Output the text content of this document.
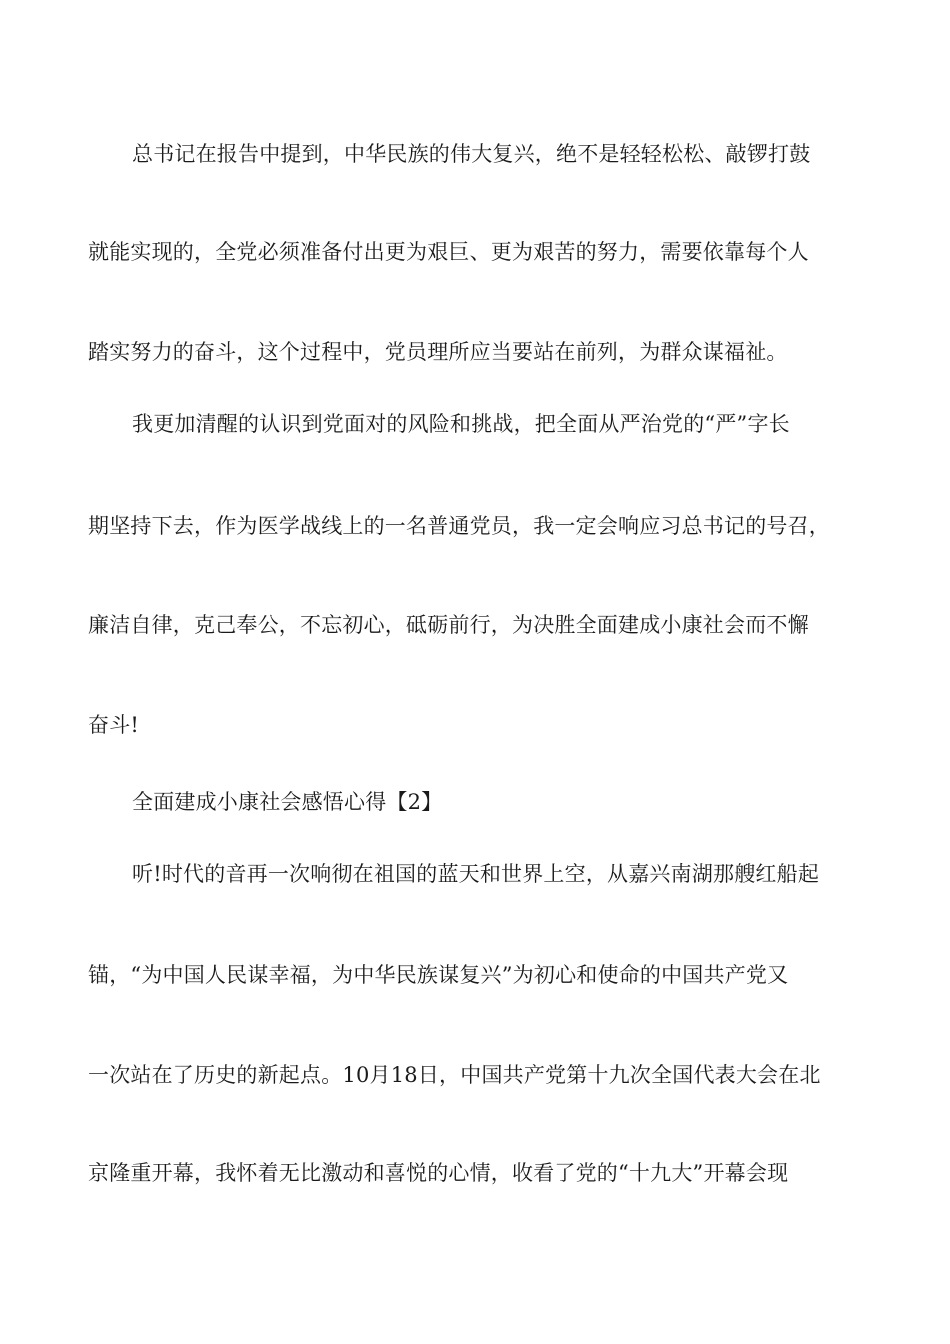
总书记在报告中提到，中华民族的伟大复兴，绝不是轻轻松松、敲锣打鼓
就能实现的，全党必须准备付出更为艰巨、更为艰苦的努力，需要依靠每个人
踏实努力的奋斗，这个过程中，党员理所应当要站在前列，为群众谋福祉。
我更加清醒的认识到党面对的风险和挑战，把全面从严治党的“严”字长
期坚持下去，作为医学战线上的一名普通党员，我一定会响应习总书记的号召，
廉洁自律，克己奉公，不忘初心，砥砺前行，为决胜全面建成小康社会而不懈
奋斗!
全面建成小康社会感悟心得【2】
听!时代的音再一次响彻在祖国的蓝天和世界上空，从嘉兴南湖那艘红船起
锚，“为中国人民谋幸福，为中华民族谋复兴”为初心和使命的中国共产党又
一次站在了历史的新起点。10月18日，中国共产党第十九次全国代表大会在北
京隆重开幕，我怀着无比激动和喜悦的心情，收看了党的“十九大”开幕会现
